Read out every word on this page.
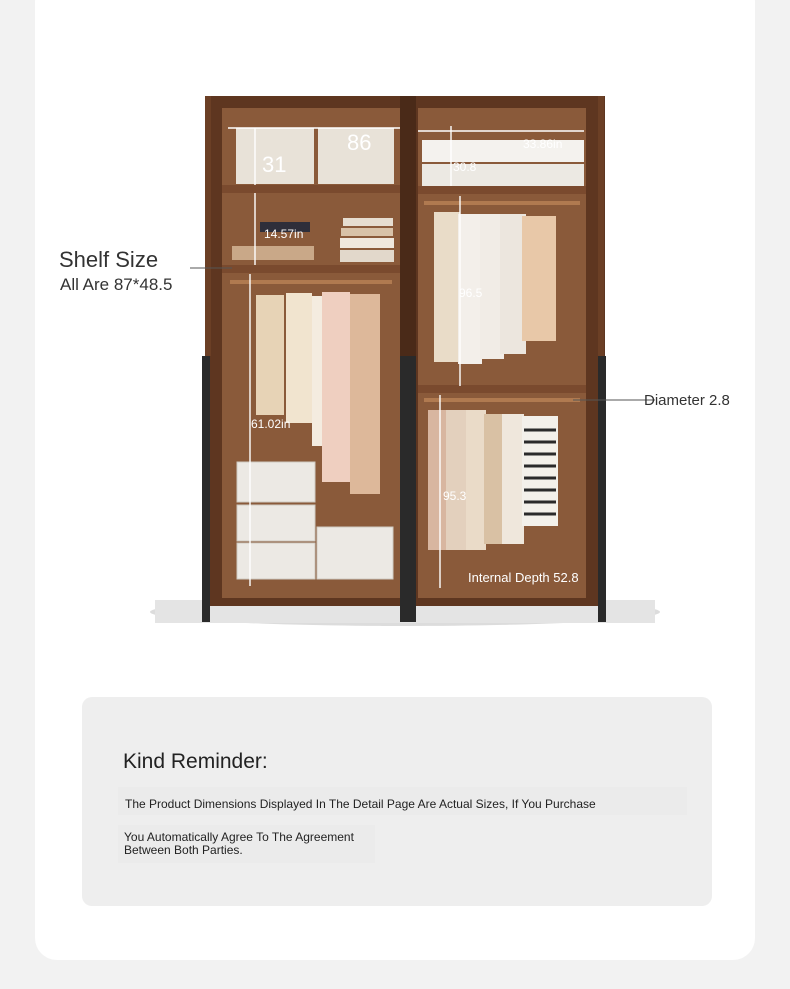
31
86
14.57in
61.02in
33.86in
30.8
96.5
95.3
Internal Depth 52.8
Shelf Size
All Are 87*48.5
Diameter 2.8
Kind Reminder:
The Product Dimensions Displayed In The Detail Page Are Actual Sizes, If You Purchase
You Automatically Agree To The Agreement
Between Both Parties.
